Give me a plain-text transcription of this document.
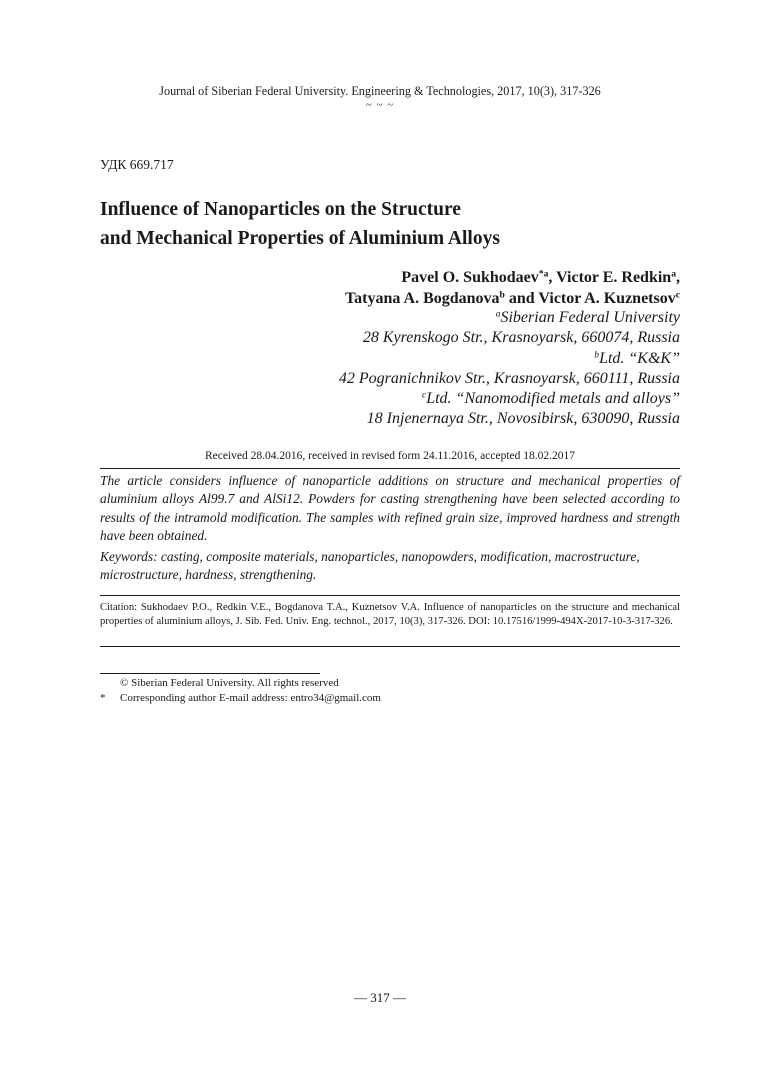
Journal of Siberian Federal University. Engineering & Technologies, 2017, 10(3), 317-326
~ ~ ~
УДК 669.717
Influence of Nanoparticles on the Structure
and Mechanical Properties of Aluminium Alloys
Pavel O. Sukhodaev$^{*a}$, Victor E. Redkin$^a$,
Tatyana A. Bogdanova$^b$ and Victor A. Kuznetsov$^c$
$^a$Siberian Federal University
28 Kyrenskogo Str., Krasnoyarsk, 660074, Russia
$^b$Ltd. “K&K”
42 Pogranichnikov Str., Krasnoyarsk, 660111, Russia
$^c$Ltd. “Nanomodified metals and alloys”
18 Injenernaya Str., Novosibirsk, 630090, Russia
Received 28.04.2016, received in revised form 24.11.2016, accepted 18.02.2017
The article considers influence of nanoparticle additions on structure and mechanical properties of aluminium alloys Al99.7 and AlSi12. Powders for casting strengthening have been selected according to results of the intramold modification. The samples with refined grain size, improved hardness and strength have been obtained.
Keywords: casting, composite materials, nanoparticles, nanopowders, modification, macrostructure, microstructure, hardness, strengthening.
Citation: Sukhodaev P.O., Redkin V.E., Bogdanova T.A., Kuznetsov V.A. Influence of nanoparticles on the structure and mechanical properties of aluminium alloys, J. Sib. Fed. Univ. Eng. technol., 2017, 10(3), 317-326. DOI: 10.17516/1999-494X-2017-10-3-317-326.
© Siberian Federal University. All rights reserved
* Corresponding author E-mail address: entro34@gmail.com
— 317 —
